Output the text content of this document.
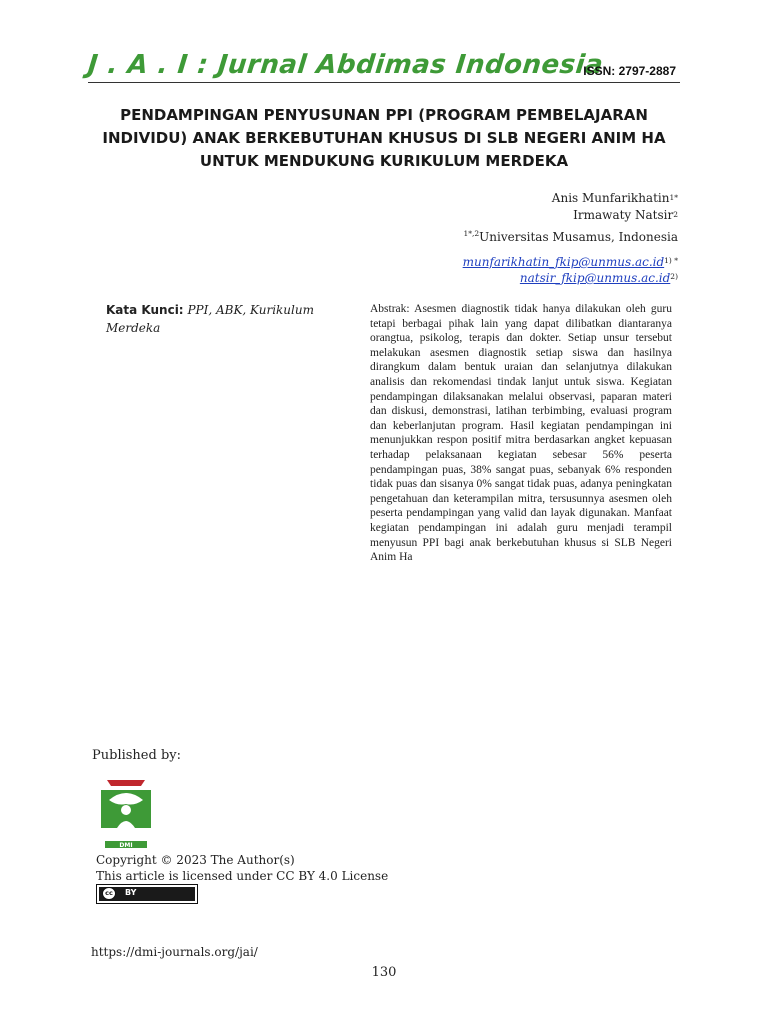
J . A . I : Jurnal Abdimas Indonesia
ISSN: 2797-2887
PENDAMPINGAN PENYUSUNAN PPI (PROGRAM PEMBELAJARAN
INDIVIDU) ANAK BERKEBUTUHAN KHUSUS DI SLB NEGERI ANIM HA
UNTUK MENDUKUNG KURIKULUM MERDEKA
Anis Munfarikhatin$^{1*}$
Irmawaty Natsir$^2$
$^{1*,2}$Universitas Musamus, Indonesia
$munfarikhatin\_fkip@unmus.ac.id^{1) *}$
$natsir\_fkip@unmus.ac.id^{2)}$
Kata Kunci: PPI, ABK, Kurikulum Merdeka
Abstrak: Asesmen diagnostik tidak hanya dilakukan oleh guru tetapi berbagai pihak lain yang dapat dilibatkan diantaranya orangtua, psikolog, terapis dan dokter. Setiap unsur tersebut melakukan asesmen diagnostik setiap siswa dan hasilnya dirangkum dalam bentuk uraian dan selanjutnya dilakukan analisis dan rekomendasi tindak lanjut untuk siswa. Kegiatan pendampingan dilaksanakan melalui observasi, paparan materi dan diskusi, demonstrasi, latihan terbimbing, evaluasi program dan keberlanjutan program. Hasil kegiatan pendampingan ini menunjukkan respon positif mitra berdasarkan angket kepuasan terhadap pelaksanaan kegiatan sebesar 56% peserta pendampingan puas, 38% sangat puas, sebanyak 6% responden tidak puas dan sisanya 0% sangat tidak puas, adanya peningkatan pengetahuan dan keterampilan mitra, tersusunnya asesmen oleh peserta pendampingan yang valid dan layak digunakan. Manfaat kegiatan pendampingan ini adalah guru menjadi terampil menyusun PPI bagi anak berkebutuhan khusus si SLB Negeri Anim Ha
Published by:
DMI
Copyright © 2023 The Author(s)
This article is licensed under CC BY 4.0 License
cc	BY
https://dmi-journals.org/jai/
130
